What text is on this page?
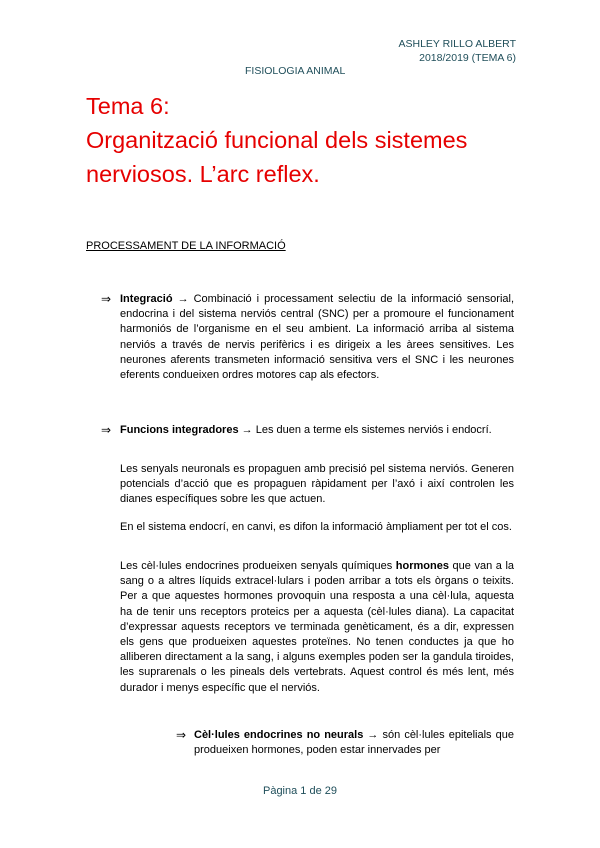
ASHLEY RILLO ALBERT
2018/2019 (TEMA 6)
FISIOLOGIA ANIMAL
Tema 6:
Organització funcional dels sistemes
nerviosos. L’arc reflex.
PROCESSAMENT DE LA INFORMACIÓ
⇒ Integració → Combinació i processament selectiu de la informació sensorial, endocrina i del sistema nerviós central (SNC) per a promoure el funcionament harmoniós de l’organisme en el seu ambient. La informació arriba al sistema nerviós a través de nervis perifèrics i es dirigeix a les àrees sensitives. Les neurones aferents transmeten informació sensitiva vers el SNC i les neurones eferents condueixen ordres motores cap als efectors.
⇒ Funcions integradores → Les duen a terme els sistemes nerviós i endocrí.
Les senyals neuronals es propaguen amb precisió pel sistema nerviós. Generen potencials d’acció que es propaguen ràpidament per l’axó i així controlen les dianes específiques sobre les que actuen.
En el sistema endocrí, en canvi, es difon la informació àmpliament per tot el cos.
Les cèl·lules endocrines produeixen senyals químiques hormones que van a la sang o a altres líquids extracel·lulars i poden arribar a tots els òrgans o teixits. Per a que aquestes hormones provoquin una resposta a una cèl·lula, aquesta ha de tenir uns receptors proteics per a aquesta (cèl·lules diana). La capacitat d’expressar aquests receptors ve terminada genèticament, és a dir, expressen els gens que produeixen aquestes proteïnes. No tenen conductes ja que ho alliberen directament a la sang, i alguns exemples poden ser la gandula tiroides, les suprarenals o les pineals dels vertebrats. Aquest control és més lent, més durador i menys específic que el nerviós.
⇒ Cèl·lules endocrines no neurals → són cèl·lules epitelials que produeixen hormones, poden estar innervades per
Pàgina 1 de 29
